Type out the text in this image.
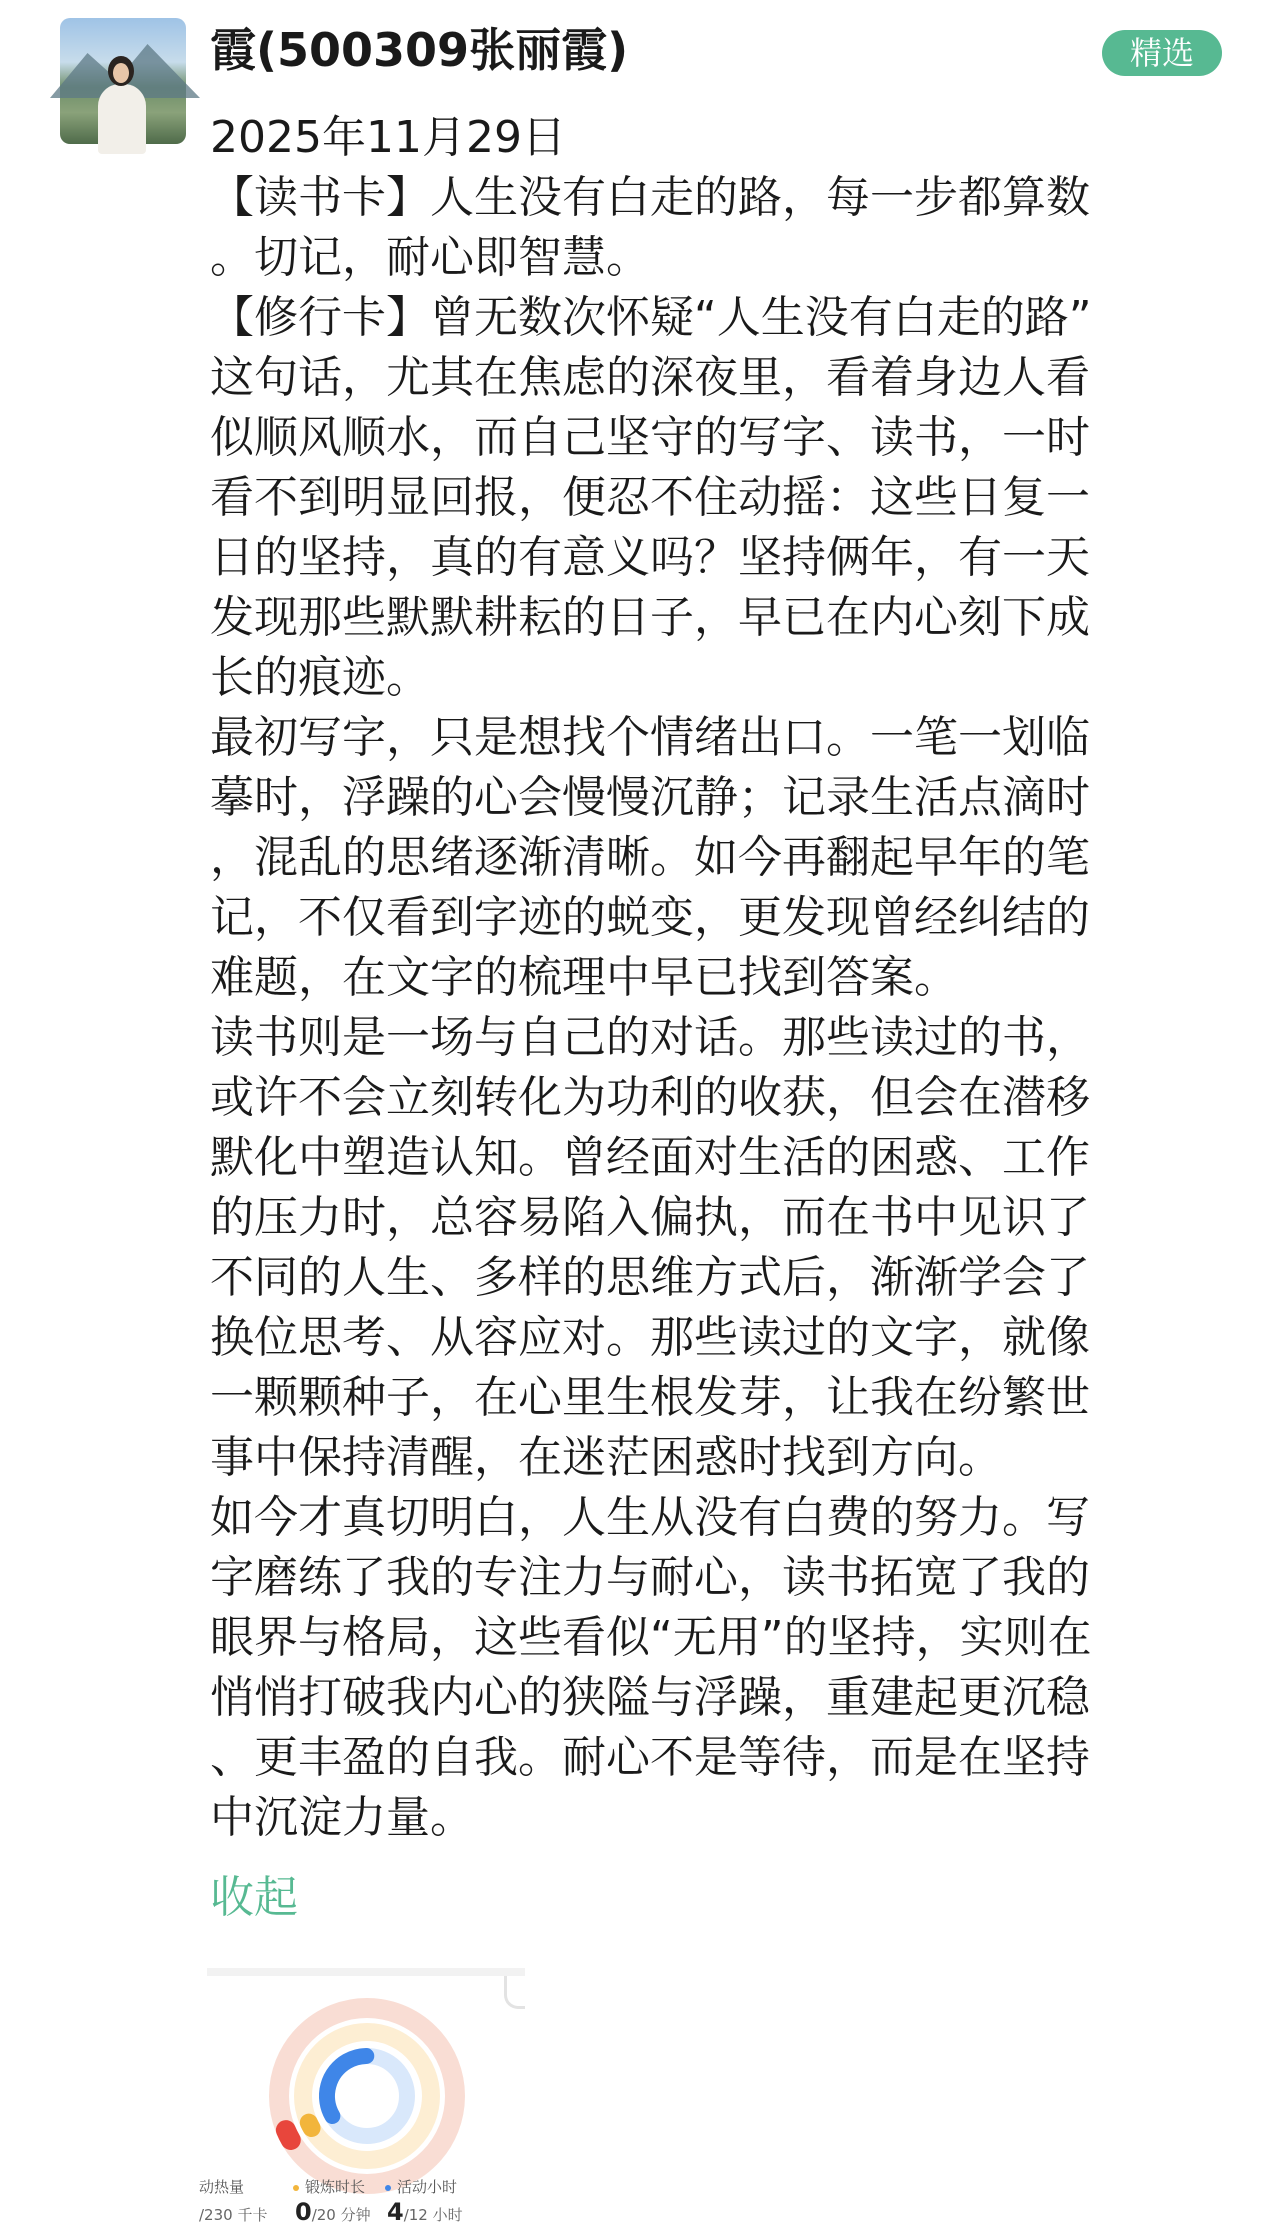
霞(500309张丽霞)	精选
2025年11月29日

【读书卡】人生没有白走的路，每一步都算数

。切记，耐心即智慧。

【修行卡】曾无数次怀疑“人生没有白走的路”

这句话，尤其在焦虑的深夜里，看着身边人看

似顺风顺水，而自己坚守的写字、读书，一时

看不到明显回报，便忍不住动摇：这些日复一

日的坚持，真的有意义吗？坚持俩年，有一天

发现那些默默耕耘的日子，早已在内心刻下成

长的痕迹。

最初写字，只是想找个情绪出口。一笔一划临

摹时，浮躁的心会慢慢沉静；记录生活点滴时

，混乱的思绪逐渐清晰。如今再翻起早年的笔

记，不仅看到字迹的蜕变，更发现曾经纠结的

难题，在文字的梳理中早已找到答案。

读书则是一场与自己的对话。那些读过的书，

或许不会立刻转化为功利的收获，但会在潜移

默化中塑造认知。曾经面对生活的困惑、工作

的压力时，总容易陷入偏执，而在书中见识了

不同的人生、多样的思维方式后，渐渐学会了

换位思考、从容应对。那些读过的文字，就像

一颗颗种子，在心里生根发芽，让我在纷繁世

事中保持清醒，在迷茫困惑时找到方向。

如今才真切明白，人生从没有白费的努力。写

字磨练了我的专注力与耐心，读书拓宽了我的

眼界与格局，这些看似“无用”的坚持，实则在

悄悄打破我内心的狭隘与浮躁，重建起更沉稳

、更丰盈的自我。耐心不是等待，而是在坚持

中沉淀力量。

收起
动热量
/230 千卡
锻炼时长
0/20 分钟
活动小时
4/12 小时
